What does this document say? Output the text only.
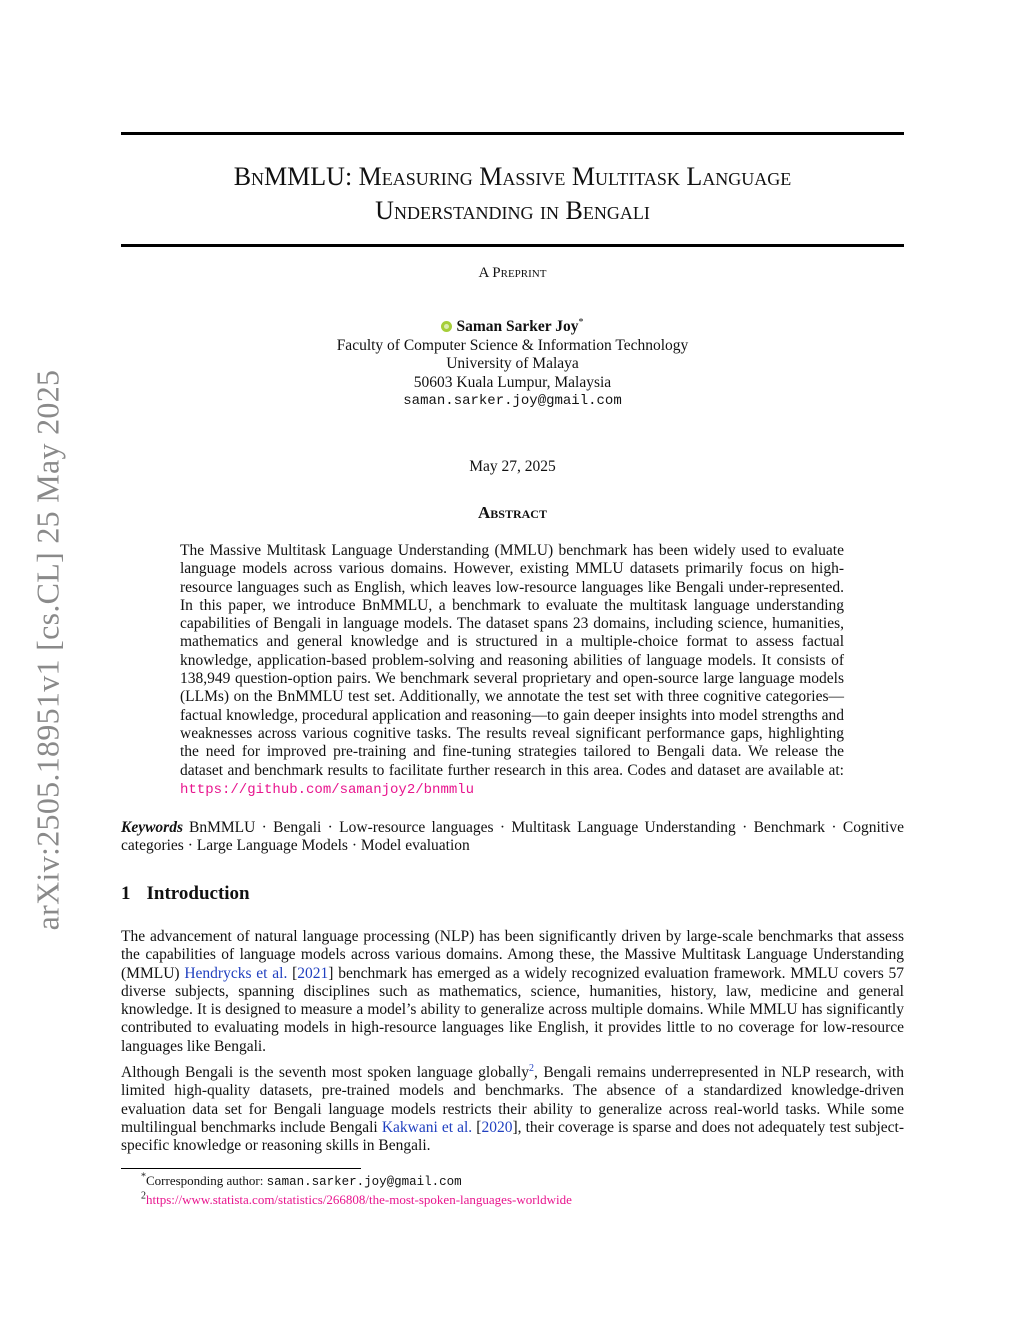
arXiv:2505.18951v1 [cs.CL] 25 May 2025
BnMMLU: Measuring Massive Multitask Language
Understanding in Bengali
A Preprint
Saman Sarker Joy*
Faculty of Computer Science & Information Technology
University of Malaya
50603 Kuala Lumpur, Malaysia
saman.sarker.joy@gmail.com
May 27, 2025
Abstract

The Massive Multitask Language Understanding (MMLU) benchmark has been widely used to evaluate language models across various domains. However, existing MMLU datasets primarily focus on high-resource languages such as English, which leaves low-resource languages like Bengali under-represented. In this paper, we introduce BnMMLU, a benchmark to evaluate the multitask language understanding capabilities of Bengali in language models. The dataset spans 23 domains, including science, humanities, mathematics and general knowledge and is structured in a multiple-choice format to assess factual knowledge, application-based problem-solving and reasoning abilities of language models. It consists of 138,949 question-option pairs. We benchmark several proprietary and open-source large language models (LLMs) on the BnMMLU test set. Additionally, we annotate the test set with three cognitive categories—factual knowledge, procedural application and reasoning—to gain deeper insights into model strengths and weaknesses across various cognitive tasks. The results reveal significant performance gaps, highlighting the need for improved pre-training and fine-tuning strategies tailored to Bengali data. We release the dataset and benchmark results to facilitate further research in this area. Codes and dataset are available at: https://github.com/samanjoy2/bnmmlu

Keywords BnMMLU · Bengali · Low-resource languages · Multitask Language Understanding · Benchmark · Cognitive categories · Large Language Models · Model evaluation

1 Introduction

The advancement of natural language processing (NLP) has been significantly driven by large-scale benchmarks that assess the capabilities of language models across various domains. Among these, the Massive Multitask Language Understanding (MMLU) Hendrycks et al. [2021] benchmark has emerged as a widely recognized evaluation framework. MMLU covers 57 diverse subjects, spanning disciplines such as mathematics, science, humanities, history, law, medicine and general knowledge. It is designed to measure a model’s ability to generalize across multiple domains. While MMLU has significantly contributed to evaluating models in high-resource languages like English, it provides little to no coverage for low-resource languages like Bengali.

Although Bengali is the seventh most spoken language globally$^2$, Bengali remains underrepresented in NLP research, with limited high-quality datasets, pre-trained models and benchmarks. The absence of a standardized knowledge-driven evaluation data set for Bengali language models restricts their ability to generalize across real-world tasks. While some multilingual benchmarks include Bengali Kakwani et al. [2020], their coverage is sparse and does not adequately test subject-specific knowledge or reasoning skills in Bengali.

*Corresponding author: saman.sarker.joy@gmail.com
$^2$https://www.statista.com/statistics/266808/the-most-spoken-languages-worldwide
